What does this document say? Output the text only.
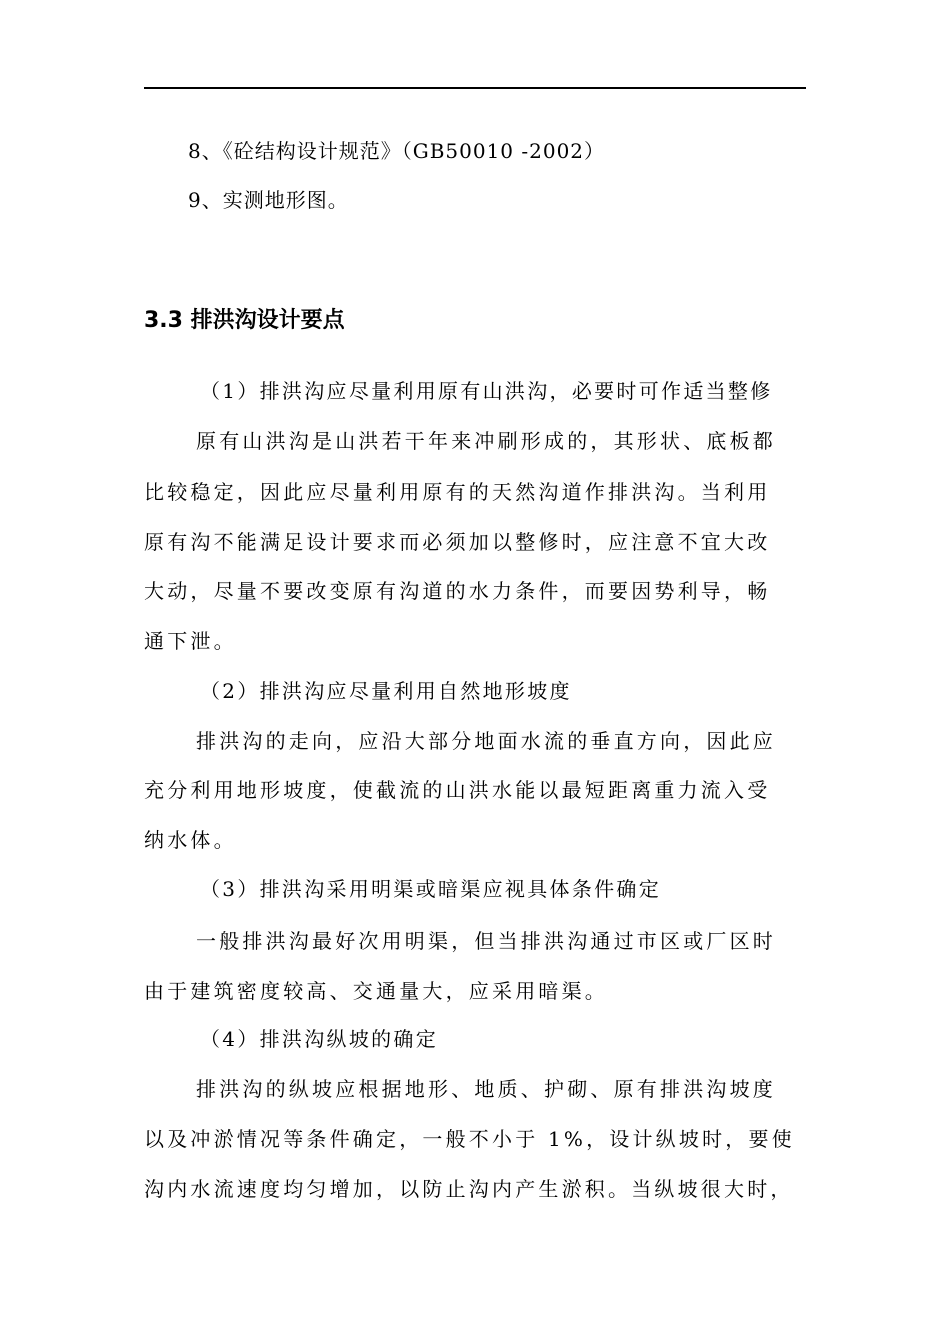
8、《砼结构设计规范》（GB50010 -2002）
9、实测地形图。
3.3 排洪沟设计要点
（1）排洪沟应尽量利用原有山洪沟，必要时可作适当整修
原有山洪沟是山洪若干年来冲刷形成的，其形状、底板都
比较稳定，因此应尽量利用原有的天然沟道作排洪沟。当利用
原有沟不能满足设计要求而必须加以整修时，应注意不宜大改
大动，尽量不要改变原有沟道的水力条件，而要因势利导，畅
通下泄。
（2）排洪沟应尽量利用自然地形坡度
排洪沟的走向，应沿大部分地面水流的垂直方向，因此应
充分利用地形坡度，使截流的山洪水能以最短距离重力流入受
纳水体。
（3）排洪沟采用明渠或暗渠应视具体条件确定
一般排洪沟最好次用明渠，但当排洪沟通过市区或厂区时
由于建筑密度较高、交通量大，应采用暗渠。
（4）排洪沟纵坡的确定
排洪沟的纵坡应根据地形、地质、护砌、原有排洪沟坡度
以及冲淤情况等条件确定，一般不小于 1%，设计纵坡时，要使
沟内水流速度均匀增加，以防止沟内产生淤积。当纵坡很大时，
